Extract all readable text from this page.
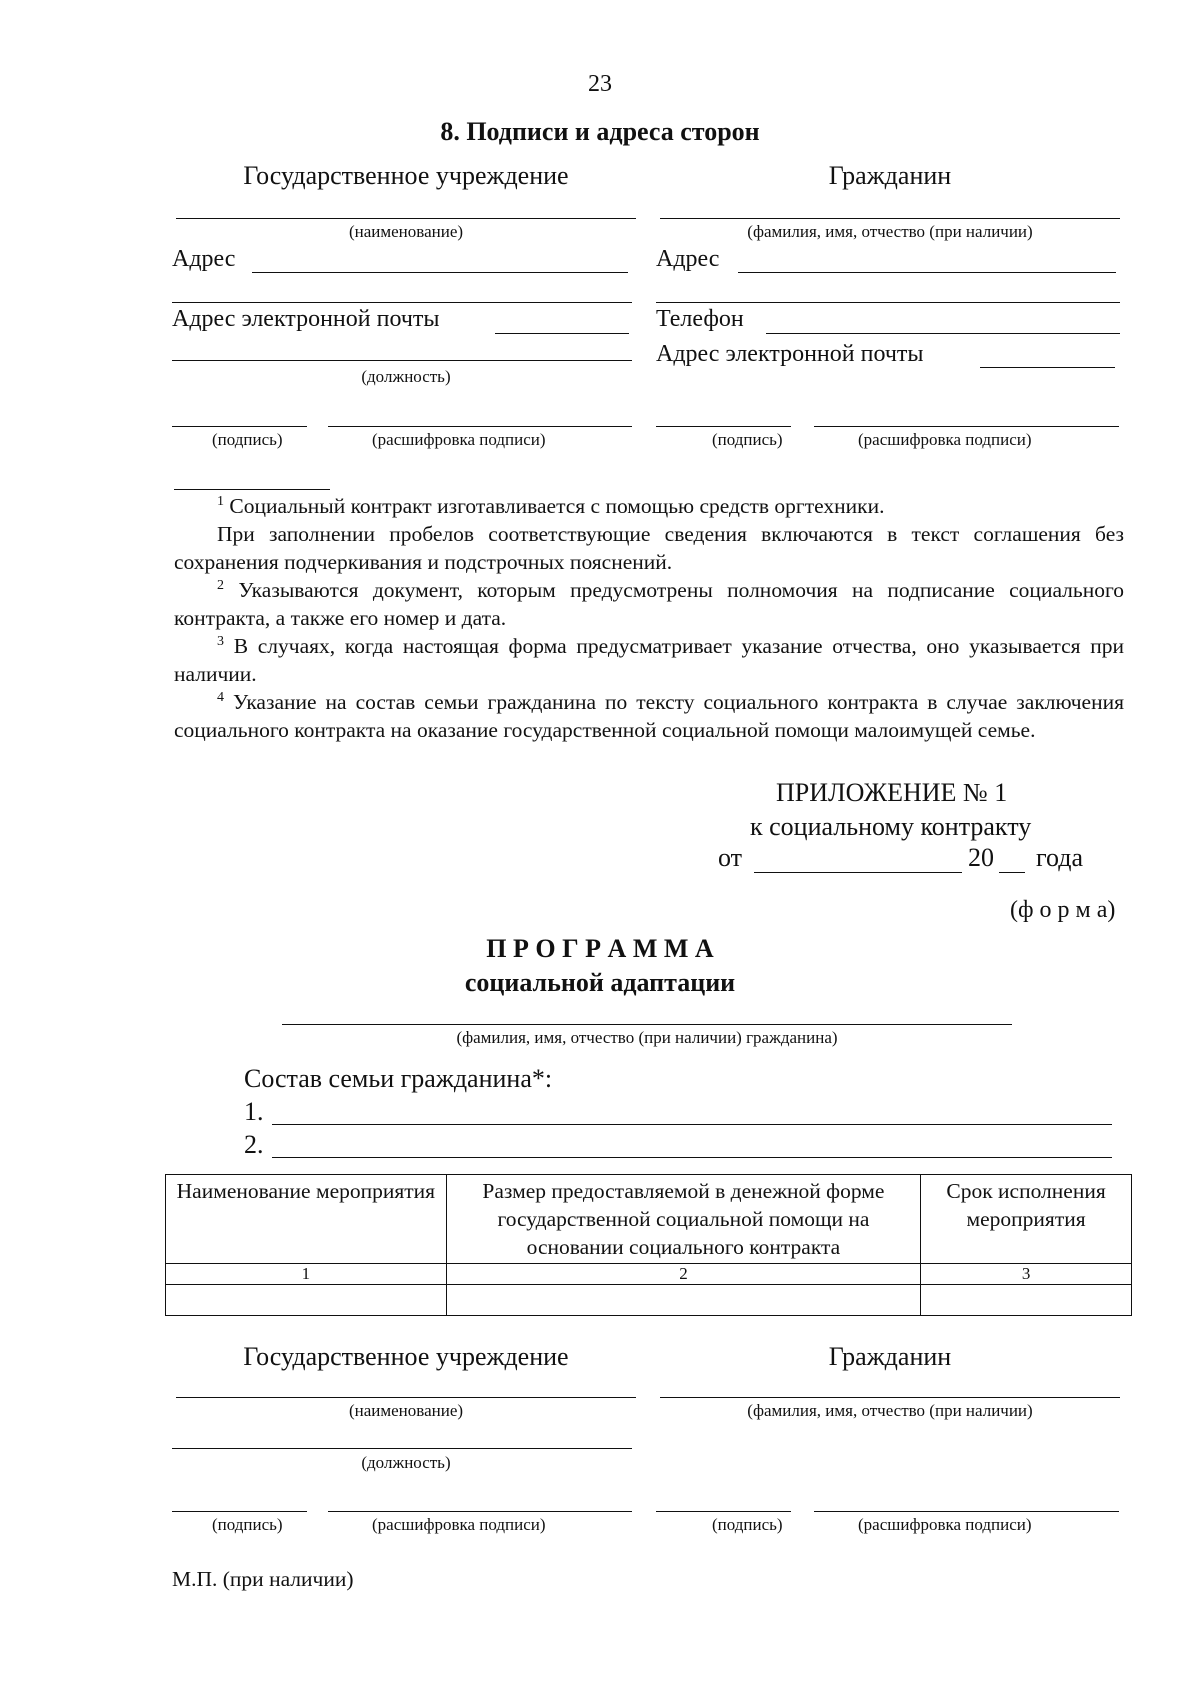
23
8. Подписи и адреса сторон
Государственное учреждение	Гражданин
(наименование)	(фамилия, имя, отчество (при наличии)
Адрес	Адрес
Адрес электронной почты	Телефон
Адрес электронной почты
(должность)
(подпись)	(расшифровка подписи)	(подпись)	(расшифровка подписи)

$^1$ Социальный контракт изготавливается с помощью средств оргтехники.

При заполнении пробелов соответствующие сведения включаются в текст соглашения без сохранения подчеркивания и подстрочных пояснений.

$^2$ Указываются документ, которым предусмотрены полномочия на подписание социального контракта, а также его номер и дата.

$^3$ В случаях, когда настоящая форма предусматривает указание отчества, оно указывается при наличии.

$^4$ Указание на состав семьи гражданина по тексту социального контракта в случае заключения социального контракта на оказание государственной социальной помощи малоимущей семье.

ПРИЛОЖЕНИЕ № 1
к социальному контракту
от	20 года
(ф о р м а)
П Р О Г Р А М М А
социальной адаптации
(фамилия, имя, отчество (при наличии) гражданина)
Состав семьи гражданина*:
1.
2.
Наименование мероприятия	Размер предоставляемой в денежной форме государственной социальной помощи на основании социального контракта	Срок исполнения мероприятия
1	2	3

Государственное учреждение	Гражданин
(наименование)	(фамилия, имя, отчество (при наличии)
(должность)
(подпись)	(расшифровка подписи)	(подпись)	(расшифровка подписи)
М.П. (при наличии)
